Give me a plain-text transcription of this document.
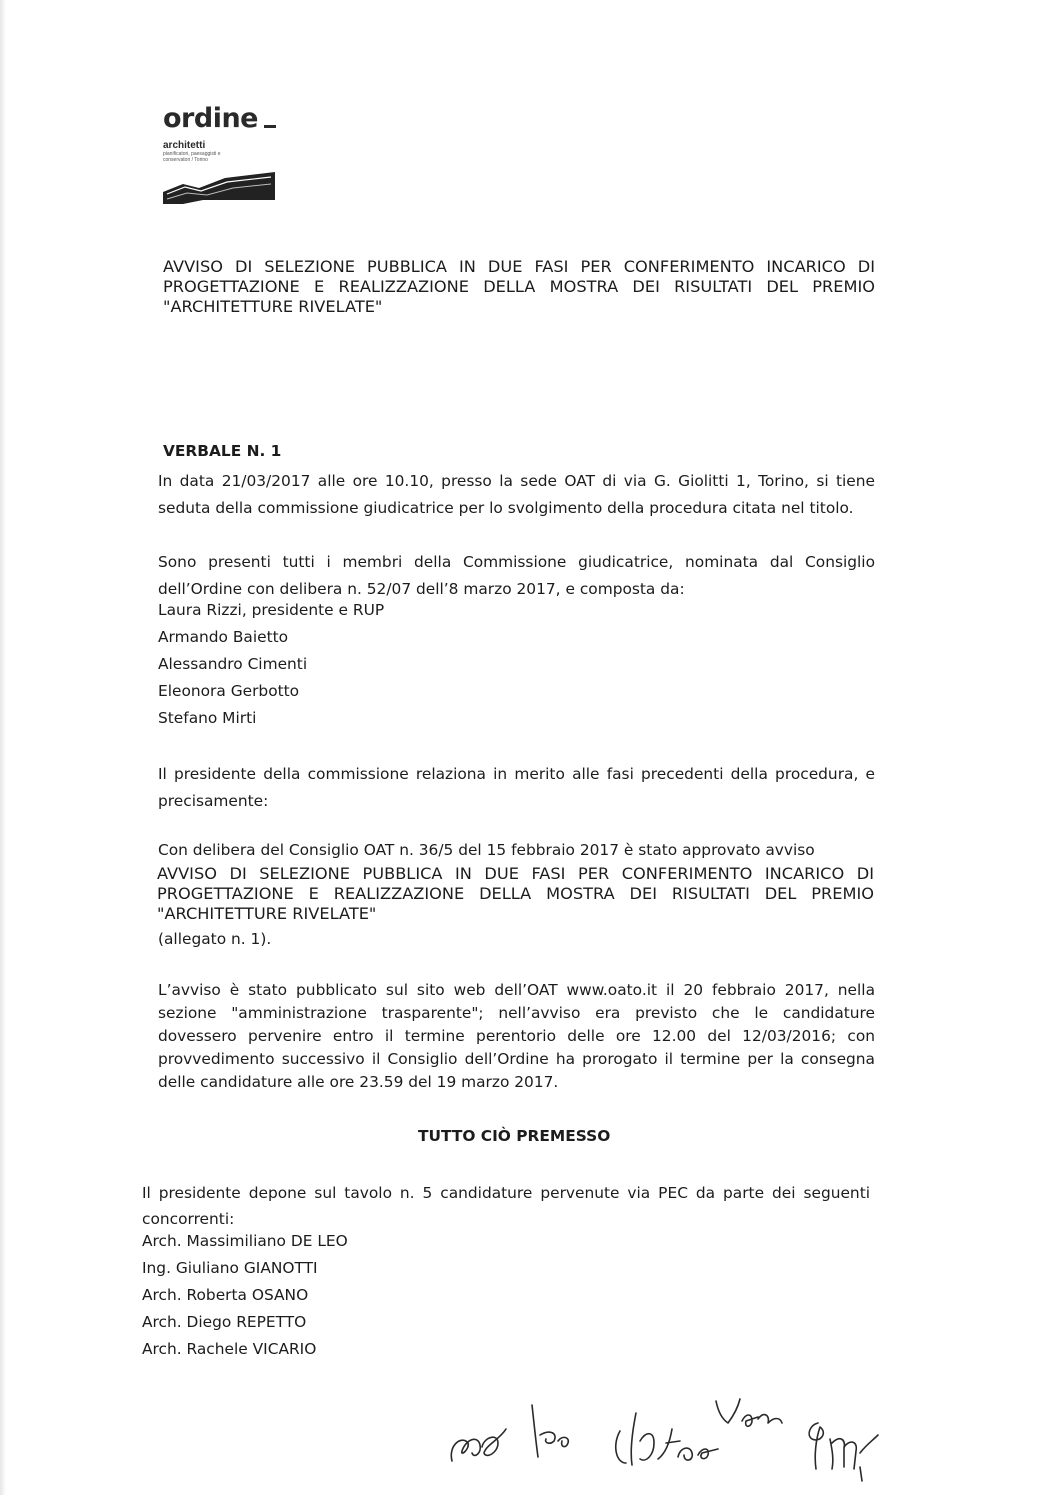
ordine
architetti
pianificatori, paesaggisti e conservatori / Torino
AVVISO DI SELEZIONE PUBBLICA IN DUE FASI PER CONFERIMENTO INCARICO DI
PROGETTAZIONE E REALIZZAZIONE DELLA MOSTRA DEI RISULTATI DEL PREMIO
"ARCHITETTURE RIVELATE"
VERBALE N. 1
In data 21/03/2017 alle ore 10.10, presso la sede OAT di via G. Giolitti 1, Torino, si tiene
seduta della commissione giudicatrice per lo svolgimento della procedura citata nel titolo.
Sono presenti tutti i membri della Commissione giudicatrice, nominata dal Consiglio
dell’Ordine con delibera n. 52/07 dell’8 marzo 2017, e composta da:
Laura Rizzi, presidente e RUP
Armando Baietto
Alessandro Cimenti
Eleonora Gerbotto
Stefano Mirti
Il presidente della commissione relaziona in merito alle fasi precedenti della procedura, e
precisamente:
Con delibera del Consiglio OAT n. 36/5 del 15 febbraio 2017 è stato approvato avviso
AVVISO DI SELEZIONE PUBBLICA IN DUE FASI PER CONFERIMENTO INCARICO DI
PROGETTAZIONE E REALIZZAZIONE DELLA MOSTRA DEI RISULTATI DEL PREMIO
"ARCHITETTURE RIVELATE"
(allegato n. 1).
L’avviso è stato pubblicato sul sito web dell’OAT www.oato.it il 20 febbraio 2017, nella
sezione "amministrazione trasparente"; nell’avviso era previsto che le candidature
dovessero pervenire entro il termine perentorio delle ore 12.00 del 12/03/2016; con
provvedimento successivo il Consiglio dell’Ordine ha prorogato il termine per la consegna
delle candidature alle ore 23.59 del 19 marzo 2017.
TUTTO CIÒ PREMESSO
Il presidente depone sul tavolo n. 5 candidature pervenute via PEC da parte dei seguenti
concorrenti:
Arch. Massimiliano DE LEO
Ing. Giuliano GIANOTTI
Arch. Roberta OSANO
Arch. Diego REPETTO
Arch. Rachele VICARIO
